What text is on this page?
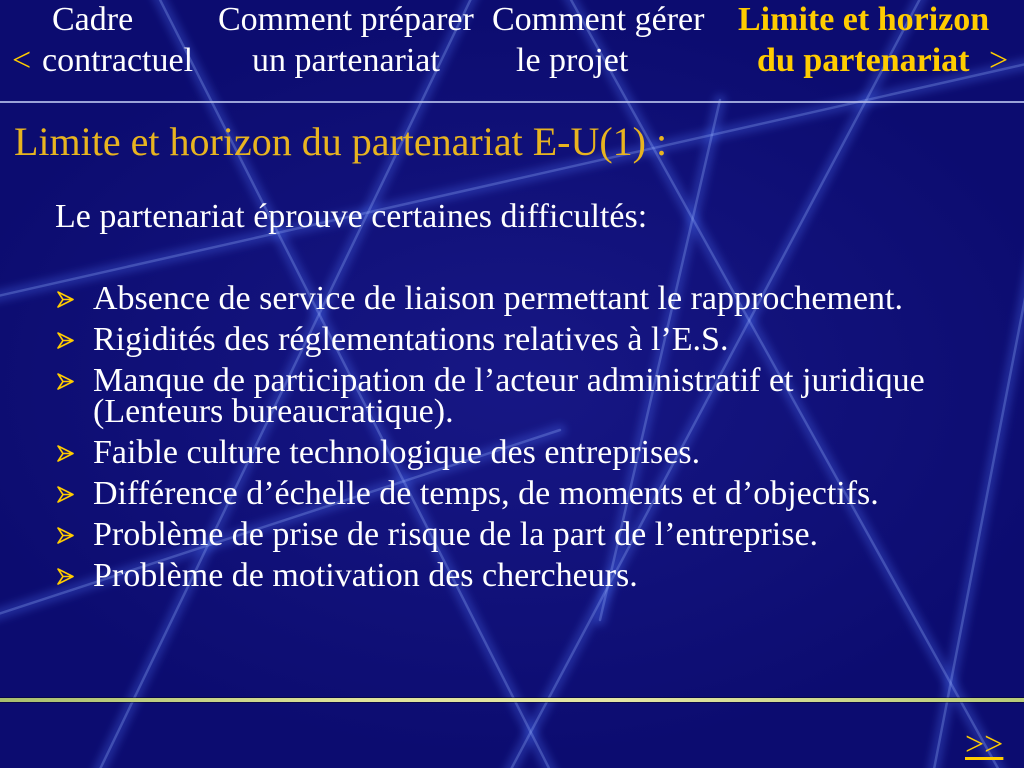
<
Cadre
contractuel
Comment préparer
un partenariat
Comment gérer
le projet
Limite et horizon
du partenariat >
Limite et horizon du partenariat E-U(1) :

Le partenariat éprouve certaines difficultés:

Absence de service de liaison permettant le rapprochement.
Rigidités des réglementations relatives à l’E.S.
Manque de participation de l’acteur administratif et juridique (Lenteurs bureaucratique).
Faible culture technologique des entreprises.
Différence d’échelle de temps, de moments et d’objectifs.
Problème de prise de risque de la part de l’entreprise.
Problème de motivation des chercheurs.
>>
